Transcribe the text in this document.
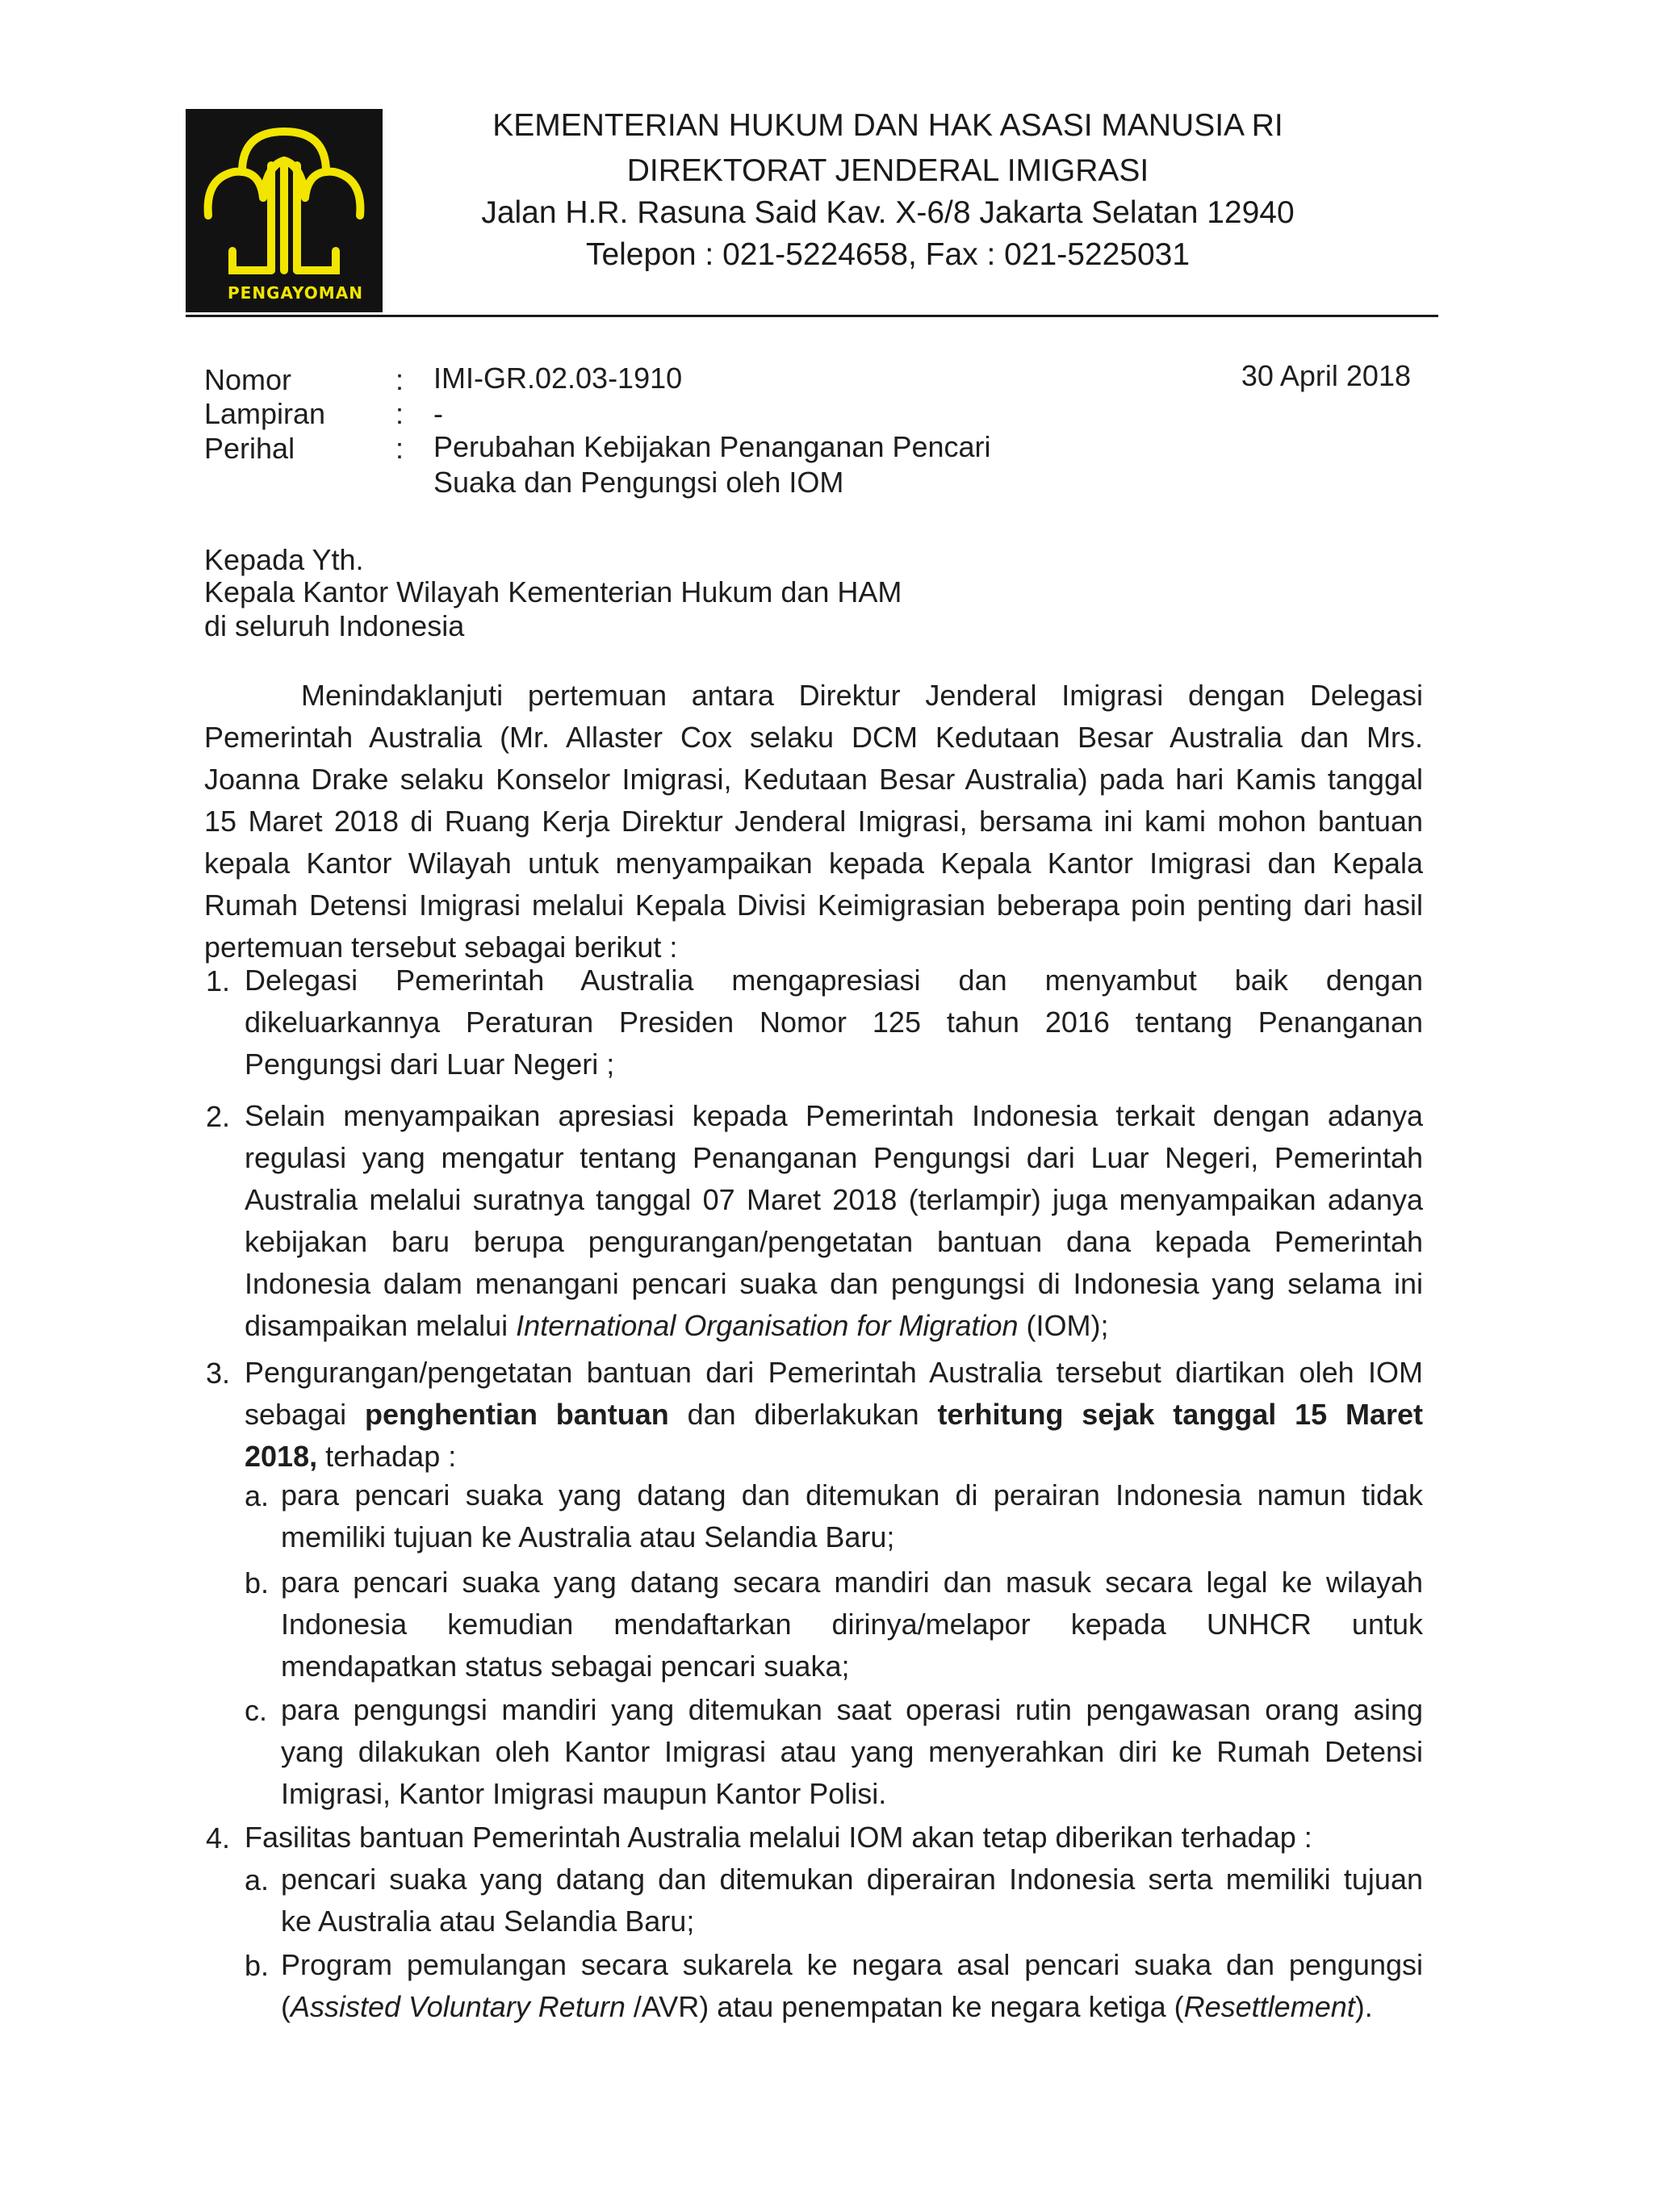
PENGAYOMAN
KEMENTERIAN HUKUM DAN HAK ASASI MANUSIA RI
DIREKTORAT JENDERAL IMIGRASI
Jalan H.R. Rasuna Said Kav. X-6/8 Jakarta Selatan 12940
Telepon : 021-5224658, Fax : 021-5225031
Nomor	: IMI-GR.02.03-1910
Lampiran : -
Perihal	: Perubahan Kebijakan Penanganan Pencari
Suaka dan Pengungsi oleh IOM
30 April 2018
Kepada Yth.
Kepala Kantor Wilayah Kementerian Hukum dan HAM
di seluruh Indonesia
Menindaklanjuti pertemuan antara Direktur Jenderal Imigrasi dengan Delegasi
Pemerintah Australia (Mr. Allaster Cox selaku DCM Kedutaan Besar Australia dan Mrs.
Joanna Drake selaku Konselor Imigrasi, Kedutaan Besar Australia) pada hari Kamis tanggal
15 Maret 2018 di Ruang Kerja Direktur Jenderal Imigrasi, bersama ini kami mohon bantuan
kepala Kantor Wilayah untuk menyampaikan kepada Kepala Kantor Imigrasi dan Kepala
Rumah Detensi Imigrasi melalui Kepala Divisi Keimigrasian beberapa poin penting dari hasil
pertemuan tersebut sebagai berikut :
1. Delegasi Pemerintah Australia mengapresiasi dan menyambut baik dengan
dikeluarkannya Peraturan Presiden Nomor 125 tahun 2016 tentang Penanganan
Pengungsi dari Luar Negeri ;
2. Selain menyampaikan apresiasi kepada Pemerintah Indonesia terkait dengan adanya
regulasi yang mengatur tentang Penanganan Pengungsi dari Luar Negeri, Pemerintah
Australia melalui suratnya tanggal 07 Maret 2018 (terlampir) juga menyampaikan adanya
kebijakan baru berupa pengurangan/pengetatan bantuan dana kepada Pemerintah
Indonesia dalam menangani pencari suaka dan pengungsi di Indonesia yang selama ini
disampaikan melalui International Organisation for Migration (IOM);
3. Pengurangan/pengetatan bantuan dari Pemerintah Australia tersebut diartikan oleh IOM
sebagai penghentian bantuan dan diberlakukan terhitung sejak tanggal 15 Maret
2018, terhadap :
a. para pencari suaka yang datang dan ditemukan di perairan Indonesia namun tidak
memiliki tujuan ke Australia atau Selandia Baru;
b. para pencari suaka yang datang secara mandiri dan masuk secara legal ke wilayah
Indonesia kemudian mendaftarkan dirinya/melapor kepada UNHCR untuk
mendapatkan status sebagai pencari suaka;
c. para pengungsi mandiri yang ditemukan saat operasi rutin pengawasan orang asing
yang dilakukan oleh Kantor Imigrasi atau yang menyerahkan diri ke Rumah Detensi
Imigrasi, Kantor Imigrasi maupun Kantor Polisi.
4. Fasilitas bantuan Pemerintah Australia melalui IOM akan tetap diberikan terhadap :
a. pencari suaka yang datang dan ditemukan diperairan Indonesia serta memiliki tujuan
ke Australia atau Selandia Baru;
b. Program pemulangan secara sukarela ke negara asal pencari suaka dan pengungsi
(Assisted Voluntary Return /AVR) atau penempatan ke negara ketiga (Resettlement).
